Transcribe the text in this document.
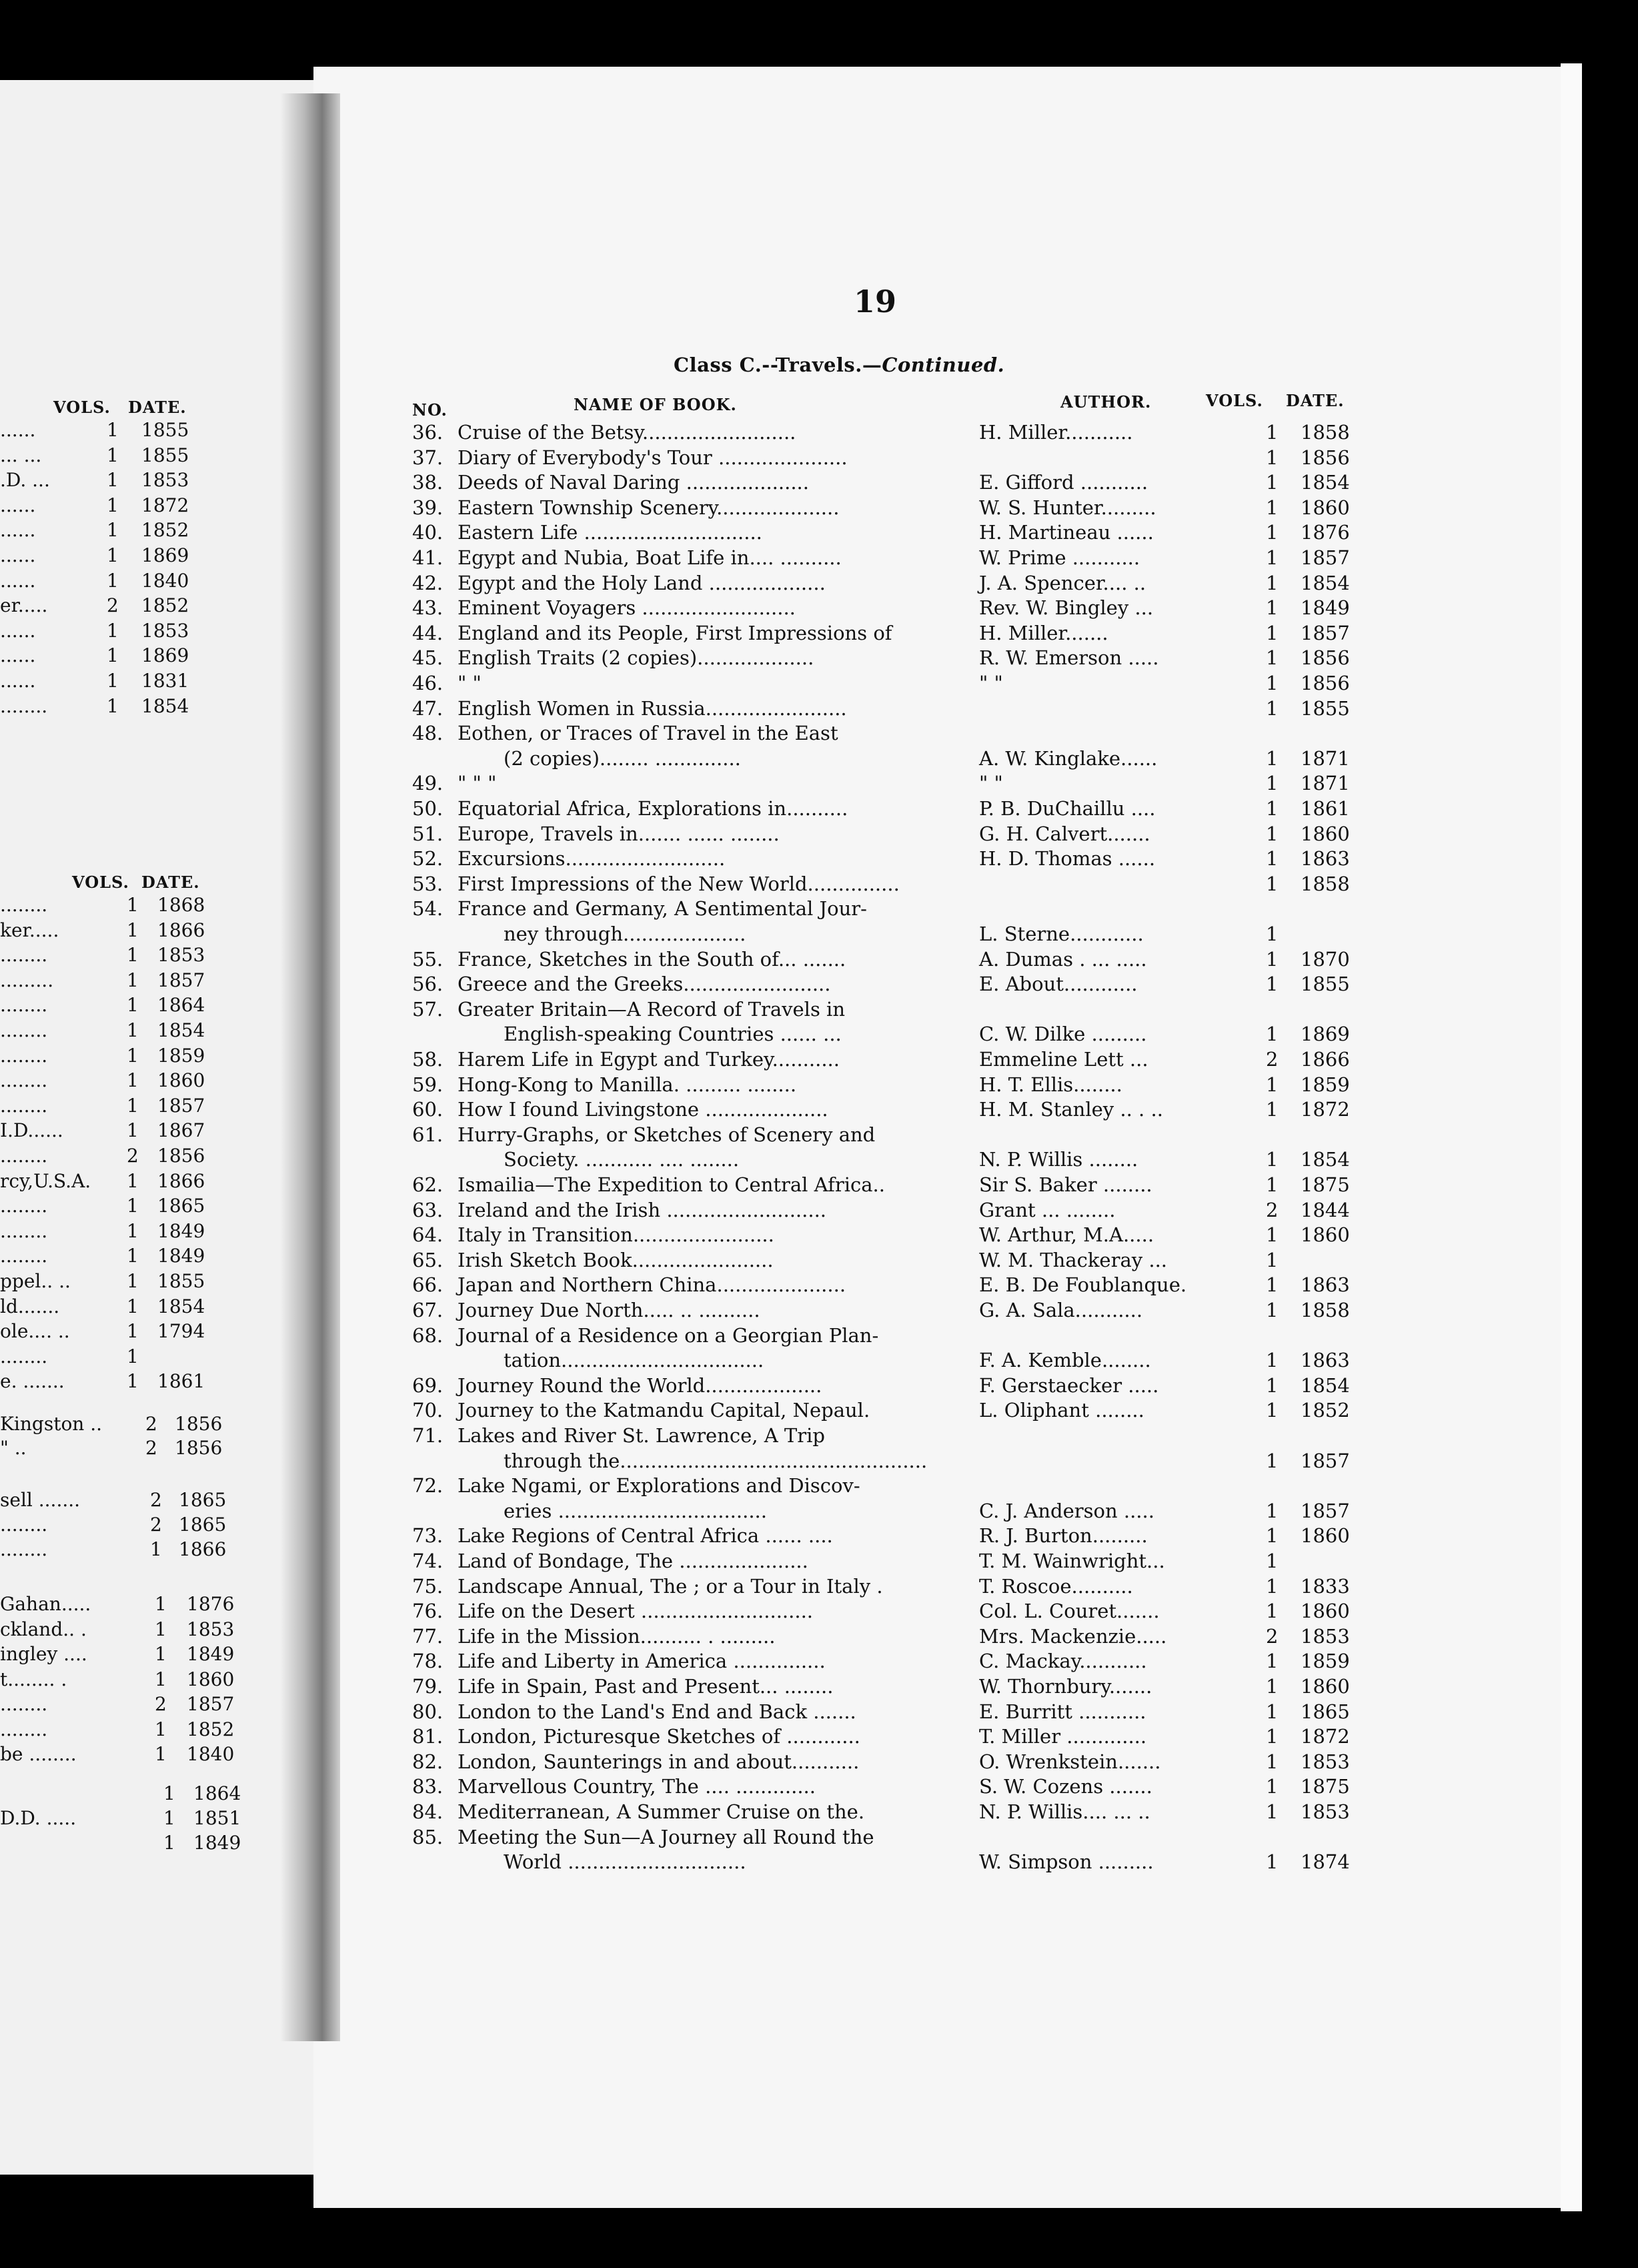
VOLS. DATE.
VOLS. DATE.
......	1 1855
... ...	1 1855
.D. ...	1 1853
......	1 1872
......	1 1852
......	1 1869
......	1 1840
er.....	2 1852
......	1 1853
......	1 1869
......	1 1831
........	1 1854
........	1 1868
ker.....	1 1866
........	1 1853
.........	1 1857
........	1 1864
........	1 1854
........	1 1859
........	1 1860
........	1 1857
I.D......	1 1867
........	2 1856
rcy,U.S.A. 1 1866
........	1 1865
........	1 1849
........	1 1849
ppel.. ..	1 1855
ld.......	1 1854
ole.... ..	1 1794
........	1
e. .......	1 1861
Kingston .. 2 1856
" ..	2 1856
sell .......	2 1865
........	2 1865
........	1 1866
Gahan.....	1 1876
ckland.. .	1 1853
ingley ....	1 1849
t........ .	1 1860
........	2 1857
........	1 1852
be ........	1 1840
1 1864
D.D. .....	1 1851
1 1849
19
Class C.--Travels.—Continued.
NO.	NAME OF BOOK.	AUTHOR.	VOLS. DATE.
36. Cruise of the Betsy.........................	H. Miller...........	1 1858
37. Diary of Everybody's Tour .....................	1 1856
38. Deeds of Naval Daring ....................	E. Gifford ...........	1 1854
39. Eastern Township Scenery....................	W. S. Hunter.........	1 1860
40. Eastern Life .............................	H. Martineau ......	1 1876
41. Egypt and Nubia, Boat Life in.... ..........	W. Prime ...........	1 1857
42. Egypt and the Holy Land ...................	J. A. Spencer.... ..	1 1854
43. Eminent Voyagers .........................	Rev. W. Bingley ...	1 1849
44. England and its People, First Impressions of	H. Miller.......	1 1857
45. English Traits (2 copies)...................	R. W. Emerson .....	1 1856
46. " "	" "	1 1856
47. English Women in Russia.......................	1 1855
48. Eothen, or Traces of Travel in the East
(2 copies)........ ..............	A. W. Kinglake......	1 1871
49. " " "	" "	1 1871
50. Equatorial Africa, Explorations in..........	P. B. DuChaillu ....	1 1861
51. Europe, Travels in....... ...... ........	G. H. Calvert.......	1 1860
52. Excursions..........................	H. D. Thomas ......	1 1863
53. First Impressions of the New World...............	1 1858
54. France and Germany, A Sentimental Jour-
ney through....................	L. Sterne............	1
55. France, Sketches in the South of... .......	A. Dumas . ... .....	1 1870
56. Greece and the Greeks........................	E. About............	1 1855
57. Greater Britain—A Record of Travels in
English-speaking Countries ...... ...	C. W. Dilke .........	1 1869
58. Harem Life in Egypt and Turkey...........	Emmeline Lett ...	2 1866
59. Hong-Kong to Manilla. ......... ........	H. T. Ellis........	1 1859
60. How I found Livingstone ....................	H. M. Stanley .. . ..	1 1872
61. Hurry-Graphs, or Sketches of Scenery and
Society. ........... .... ........	N. P. Willis ........	1 1854
62. Ismailia—The Expedition to Central Africa..	Sir S. Baker ........	1 1875
63. Ireland and the Irish ..........................	Grant ... ........	2 1844
64. Italy in Transition.......................	W. Arthur, M.A.....	1 1860
65. Irish Sketch Book.......................	W. M. Thackeray ...	1
66. Japan and Northern China.....................	E. B. De Foublanque.	1 1863
67. Journey Due North..... .. ..........	G. A. Sala...........	1 1858
68. Journal of a Residence on a Georgian Plan-
tation.................................	F. A. Kemble........	1 1863
69. Journey Round the World...................	F. Gerstaecker .....	1 1854
70. Journey to the Katmandu Capital, Nepaul.	L. Oliphant ........	1 1852
71. Lakes and River St. Lawrence, A Trip
through the..................................................	1 1857
72. Lake Ngami, or Explorations and Discov-
eries ..................................	C. J. Anderson .....	1 1857
73. Lake Regions of Central Africa ...... ....	R. J. Burton.........	1 1860
74. Land of Bondage, The .....................	T. M. Wainwright...	1
75. Landscape Annual, The ; or a Tour in Italy .	T. Roscoe..........	1 1833
76. Life on the Desert ............................	Col. L. Couret.......	1 1860
77. Life in the Mission.......... . .........	Mrs. Mackenzie.....	2 1853
78. Life and Liberty in America ...............	C. Mackay...........	1 1859
79. Life in Spain, Past and Present... ........	W. Thornbury.......	1 1860
80. London to the Land's End and Back .......	E. Burritt ...........	1 1865
81. London, Picturesque Sketches of ............	T. Miller .............	1 1872
82. London, Saunterings in and about...........	O. Wrenkstein.......	1 1853
83. Marvellous Country, The .... .............	S. W. Cozens .......	1 1875
84. Mediterranean, A Summer Cruise on the.	N. P. Willis.... ... ..	1 1853
85. Meeting the Sun—A Journey all Round the
World .............................	W. Simpson .........	1 1874
